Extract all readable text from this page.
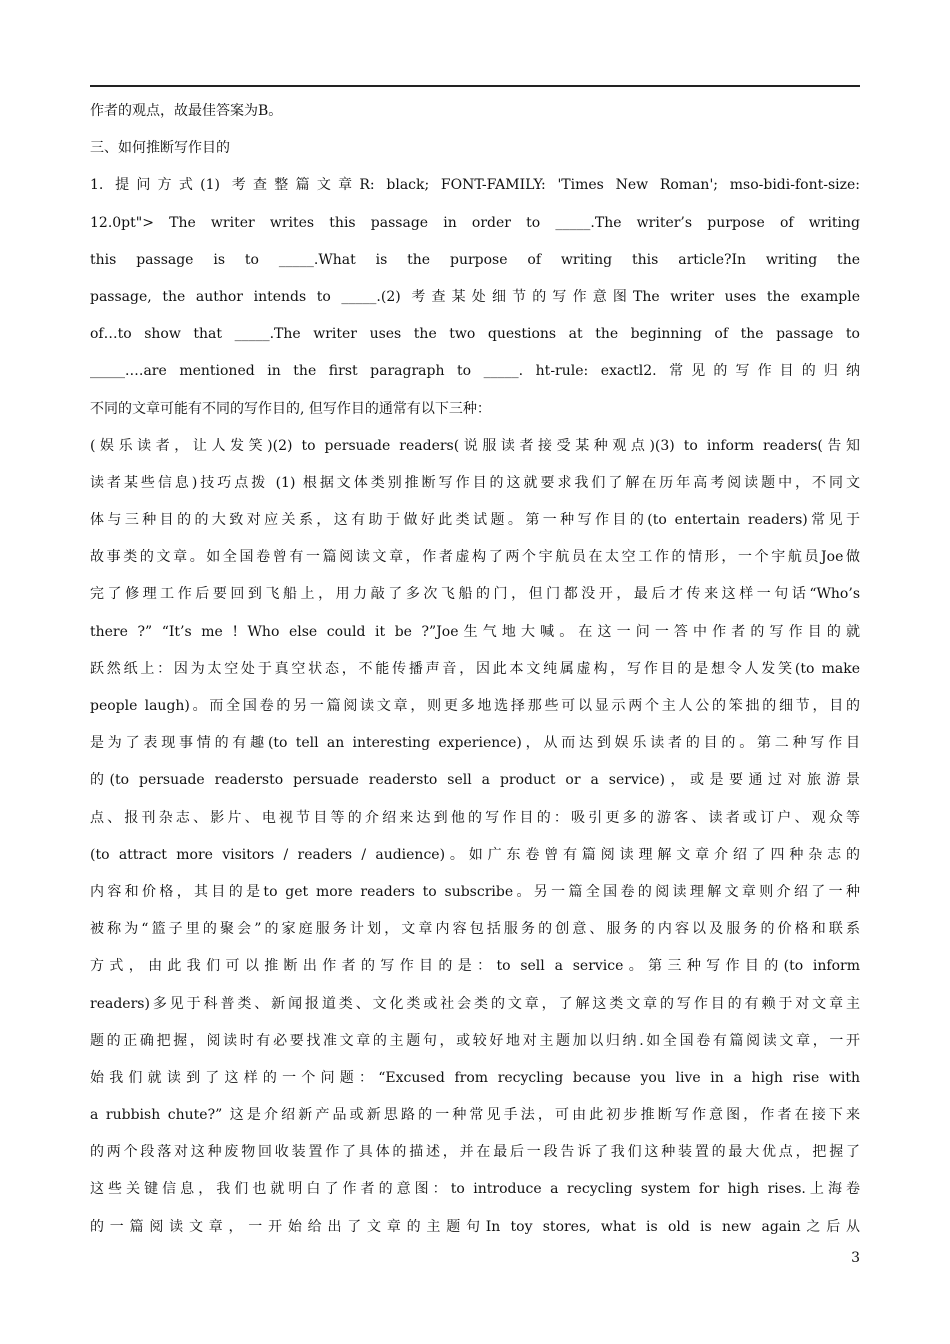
作者的观点，故最佳答案为B。
三、如何推断写作目的
1. 提问方式(1) 考查整篇文章R: black; FONT-FAMILY: 'Times New Roman'; mso-bidi-font-size:
12.0pt"> The writer writes this passage in order to _____.The writer’s purpose of writing
this passage is to _____.What is the purpose of writing this article?In writing the
passage, the author intends to _____.(2) 考查某处细节的写作意图The writer uses the example
of…to show that _____.The writer uses the two questions at the beginning of the passage to
_____.…are mentioned in the first paragraph to _____. ht-rule: exactl2. 常见的写作目的归纳
不同的文章可能有不同的写作目的, 但写作目的通常有以下三种：
(娱乐读者，让人发笑)(2) to persuade readers(说服读者接受某种观点)(3) to inform readers(告知
读者某些信息)技巧点拨 (1) 根据文体类别推断写作目的这就要求我们了解在历年高考阅读题中，不同文
体与三种目的的大致对应关系，这有助于做好此类试题。第一种写作目的(to entertain readers)常见于
故事类的文章。如全国卷曾有一篇阅读文章，作者虚构了两个宇航员在太空工作的情形，一个宇航员Joe做
完了修理工作后要回到飞船上，用力敲了多次飞船的门，但门都没开，最后才传来这样一句话“Who’s
there ?” “It’s me ! Who else could it be ?”Joe生气地大喊。在这一问一答中作者的写作目的就
跃然纸上：因为太空处于真空状态，不能传播声音，因此本文纯属虚构，写作目的是想令人发笑(to make
people laugh)。而全国卷的另一篇阅读文章，则更多地选择那些可以显示两个主人公的笨拙的细节，目的
是为了表现事情的有趣(to tell an interesting experience)，从而达到娱乐读者的目的。第二种写作目
的(to persuade readersto persuade readersto sell a product or a service)，或是要通过对旅游景
点、报刊杂志、影片、电视节目等的介绍来达到他的写作目的：吸引更多的游客、读者或订户、观众等
(to attract more visitors / readers / audience)。如广东卷曾有篇阅读理解文章介绍了四种杂志的
内容和价格，其目的是to get more readers to subscribe。另一篇全国卷的阅读理解文章则介绍了一种
被称为“篮子里的聚会”的家庭服务计划，文章内容包括服务的创意、服务的内容以及服务的价格和联系
方式，由此我们可以推断出作者的写作目的是：to sell a service。第三种写作目的(to inform
readers)多见于科普类、新闻报道类、文化类或社会类的文章，了解这类文章的写作目的有赖于对文章主
题的正确把握，阅读时有必要找准文章的主题句，或较好地对主题加以归纳.如全国卷有篇阅读文章，一开
始我们就读到了这样的一个问题：“Excused from recycling because you live in a high rise with
a rubbish chute?” 这是介绍新产品或新思路的一种常见手法，可由此初步推断写作意图，作者在接下来
的两个段落对这种废物回收装置作了具体的描述，并在最后一段告诉了我们这种装置的最大优点，把握了
这些关键信息，我们也就明白了作者的意图：to introduce a recycling system for high rises.上海卷
的一篇阅读文章，一开始给出了文章的主题句In toy stores, what is old is new again之后从
3
